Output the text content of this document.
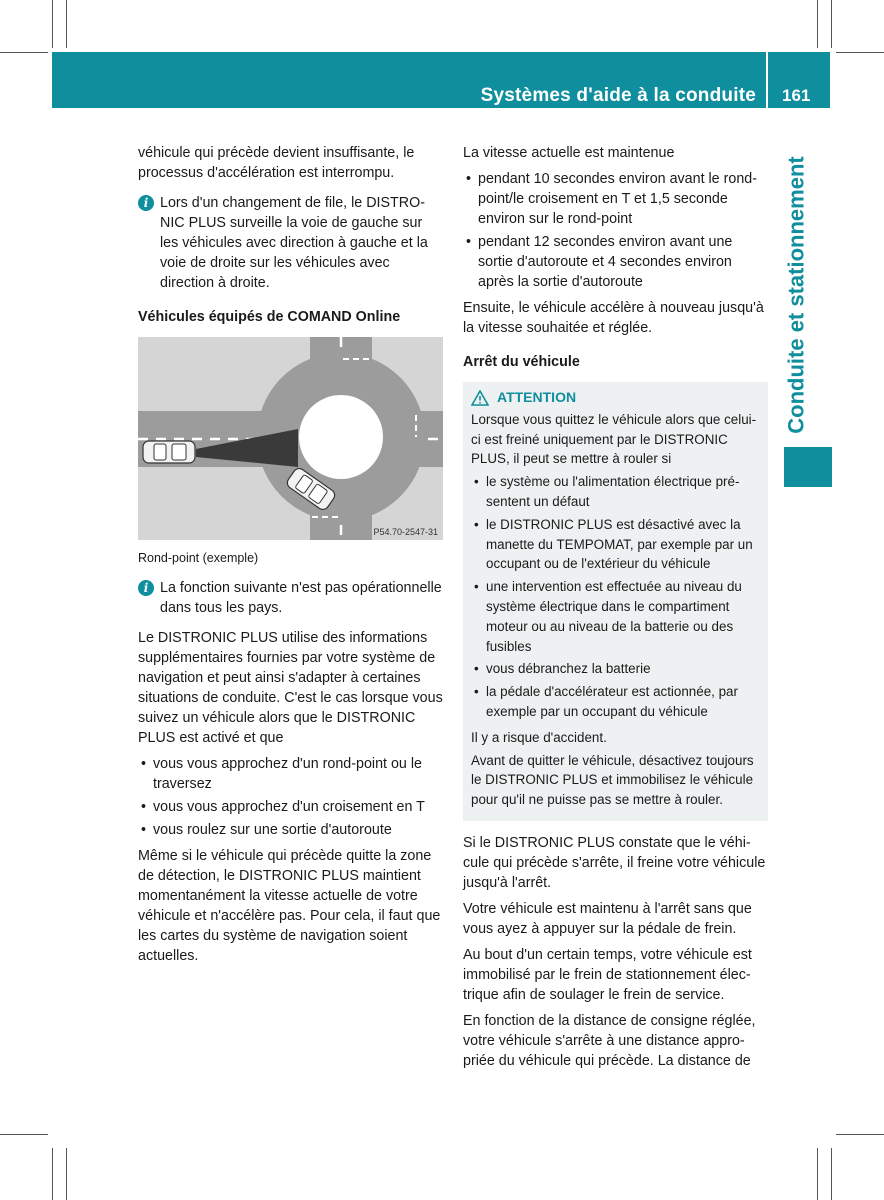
Systèmes d'aide à la conduite 161
Conduite et stationnement

véhicule qui précède devient insuffisante, le processus d'accélération est interrompu.

i Lors d'un changement de file, le DISTRONIC PLUS surveille la voie de gauche sur les véhicules avec direction à gauche et la voie de droite sur les véhicules avec direction à droite.
Véhicules équipés de COMAND Online
P54.70-2547-31
Rond-point (exemple)
i La fonction suivante n'est pas opérationnelle dans tous les pays.

Le DISTRONIC PLUS utilise des informations supplémentaires fournies par votre système de navigation et peut ainsi s'adapter à certaines situations de conduite. C'est le cas lorsque vous suivez un véhicule alors que le DISTRONIC PLUS est activé et que

• vous vous approchez d'un rond-point ou le traversez
• vous vous approchez d'un croisement en T
• vous roulez sur une sortie d'autoroute

Même si le véhicule qui précède quitte la zone de détection, le DISTRONIC PLUS maintient momentanément la vitesse actuelle de votre véhicule et n'accélère pas. Pour cela, il faut que les cartes du système de navigation soient actuelles.

La vitesse actuelle est maintenue

• pendant 10 secondes environ avant le rond-point/le croisement en T et 1,5 seconde environ sur le rond-point
• pendant 12 secondes environ avant une sortie d'autoroute et 4 secondes environ après la sortie d'autoroute

Ensuite, le véhicule accélère à nouveau jusqu'à la vitesse souhaitée et réglée.

Arrêt du véhicule
ATTENTION

Lorsque vous quittez le véhicule alors que celui-ci est freiné uniquement par le DISTRONIC PLUS, il peut se mettre à rouler si

• le système ou l'alimentation électrique présentent un défaut
• le DISTRONIC PLUS est désactivé avec la manette du TEMPOMAT, par exemple par un occupant ou de l'extérieur du véhicule
• une intervention est effectuée au niveau du système électrique dans le compartiment moteur ou au niveau de la batterie ou des fusibles
• vous débranchez la batterie
• la pédale d'accélérateur est actionnée, par exemple par un occupant du véhicule

Il y a risque d'accident.

Avant de quitter le véhicule, désactivez toujours le DISTRONIC PLUS et immobilisez le véhicule pour qu'il ne puisse pas se mettre à rouler.

Si le DISTRONIC PLUS constate que le véhicule qui précède s'arrête, il freine votre véhicule jusqu'à l'arrêt.

Votre véhicule est maintenu à l'arrêt sans que vous ayez à appuyer sur la pédale de frein.

Au bout d'un certain temps, votre véhicule est immobilisé par le frein de stationnement électrique afin de soulager le frein de service.

En fonction de la distance de consigne réglée, votre véhicule s'arrête à une distance appropriée du véhicule qui précède. La distance de
